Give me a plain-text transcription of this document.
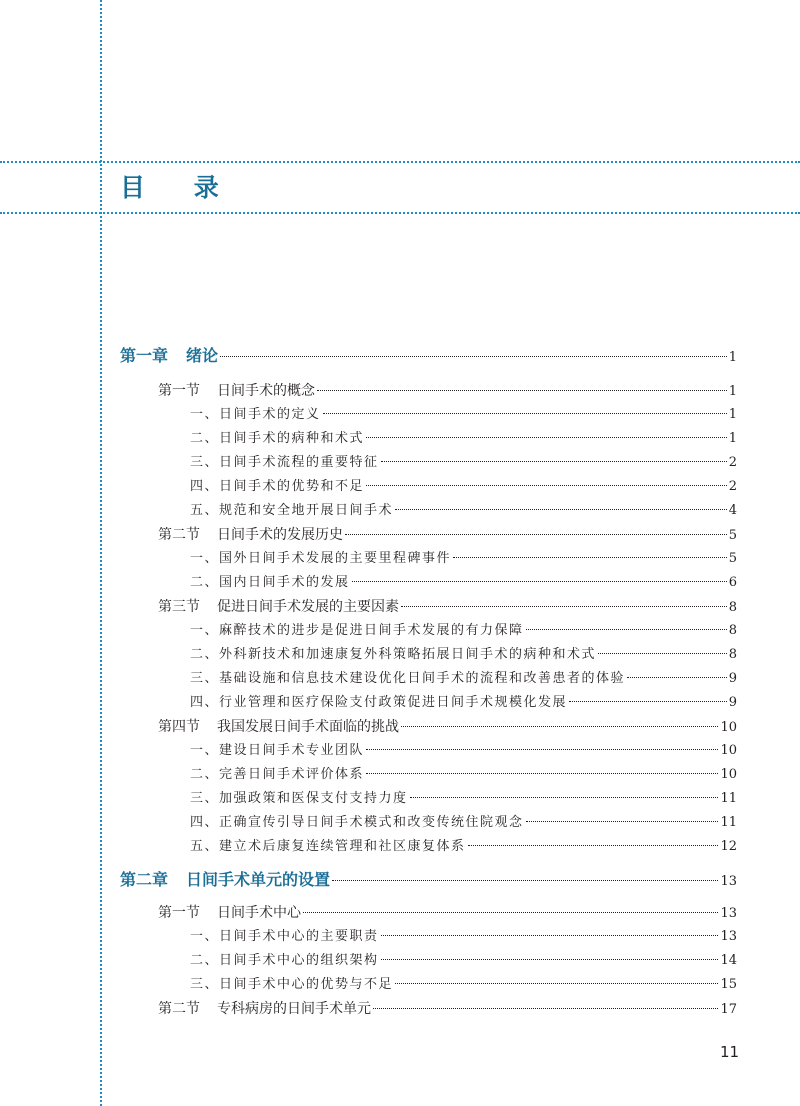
目 录
第一章 绪论	1
第一节 日间手术的概念	1
一、日间手术的定义	1
二、日间手术的病种和术式	1
三、日间手术流程的重要特征	2
四、日间手术的优势和不足	2
五、规范和安全地开展日间手术	4
第二节 日间手术的发展历史	5
一、国外日间手术发展的主要里程碑事件	5
二、国内日间手术的发展	6
第三节 促进日间手术发展的主要因素	8
一、麻醉技术的进步是促进日间手术发展的有力保障	8
二、外科新技术和加速康复外科策略拓展日间手术的病种和术式	8
三、基础设施和信息技术建设优化日间手术的流程和改善患者的体验	9
四、行业管理和医疗保险支付政策促进日间手术规模化发展	9
第四节 我国发展日间手术面临的挑战	10
一、建设日间手术专业团队	10
二、完善日间手术评价体系	10
三、加强政策和医保支付支持力度	11
四、正确宣传引导日间手术模式和改变传统住院观念	11
五、建立术后康复连续管理和社区康复体系	12
第二章 日间手术单元的设置	13
第一节 日间手术中心	13
一、日间手术中心的主要职责	13
二、日间手术中心的组织架构	14
三、日间手术中心的优势与不足	15
第二节 专科病房的日间手术单元	17
11
